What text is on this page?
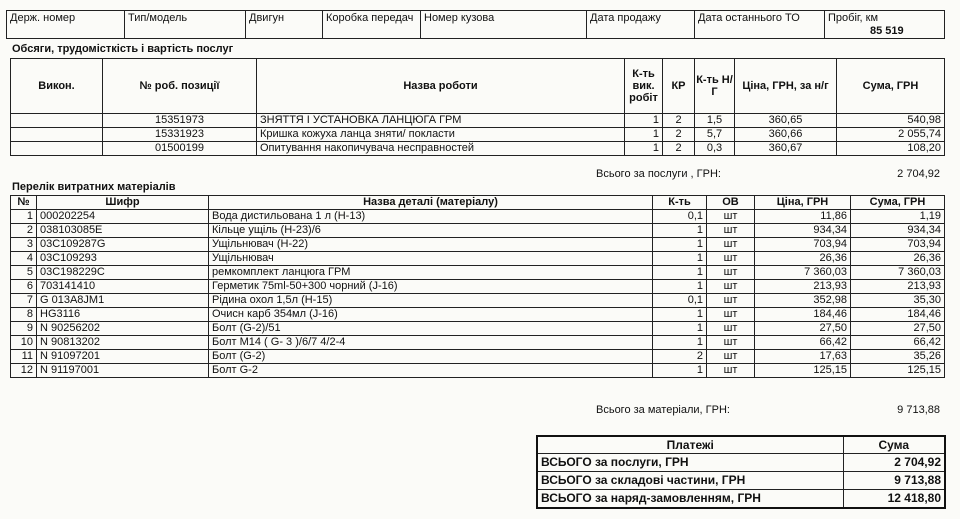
Держ. номер	Тип/модель	Двигун	Коробка передач	Номер кузова	Дата продажу	Дата останнього ТО	Пробіг, км
85 519
Обсяги, трудомісткість і вартість послуг
Викон.	№ роб. позиції	Назва роботи	К-ть вик. робіт	КР	К-ть Н/Г	Ціна, ГРН, за н/г	Сума, ГРН
	15351973	ЗНЯТТЯ І УСТАНОВКА ЛАНЦЮГА ГРМ	1	2	1,5	360,65	540,98
	15331923	Кришка кожуха ланца зняти/ покласти	1	2	5,7	360,66	2 055,74
	01500199	Опитування накопичувача несправностей	1	2	0,3	360,67	108,20
Всього за послуги , ГРН:	2 704,92
Перелік витратних матеріалів
№	Шифр	Назва деталі (матеріалу)	К-ть	ОВ	Ціна, ГРН	Сума, ГРН
1	000202254	Вода дистильована 1 л (Н-13)	0,1	шт	11,86	1,19
2	038103085E	Кільце ущіль (Н-23)/6	1	шт	934,34	934,34
3	03C109287G	Ущільнювач (Н-22)	1	шт	703,94	703,94
4	03C109293	Ущільнювач	1	шт	26,36	26,36
5	03C198229C	ремкомплект ланцюга ГРМ	1	шт	7 360,03	7 360,03
6	703141410	Герметик 75ml-50+300 чорний (J-16)	1	шт	213,93	213,93
7	G 013A8JM1	Рідина охол 1,5л (Н-15)	0,1	шт	352,98	35,30
8	HG3116	Очисн карб 354мл (J-16)	1	шт	184,46	184,46
9	N 90256202	Болт (G-2)/51	1	шт	27,50	27,50
10	N 90813202	Болт М14 ( G- 3 )/6/7 4/2-4	1	шт	66,42	66,42
11	N 91097201	Болт (G-2)	2	шт	17,63	35,26
12	N 91197001	Болт G-2	1	шт	125,15	125,15
Всього за матеріали, ГРН:	9 713,88
Платежі	Сума
ВСЬОГО за послуги, ГРН	2 704,92
ВСЬОГО за складові частини, ГРН	9 713,88
ВСЬОГО за наряд-замовленням, ГРН	12 418,80
